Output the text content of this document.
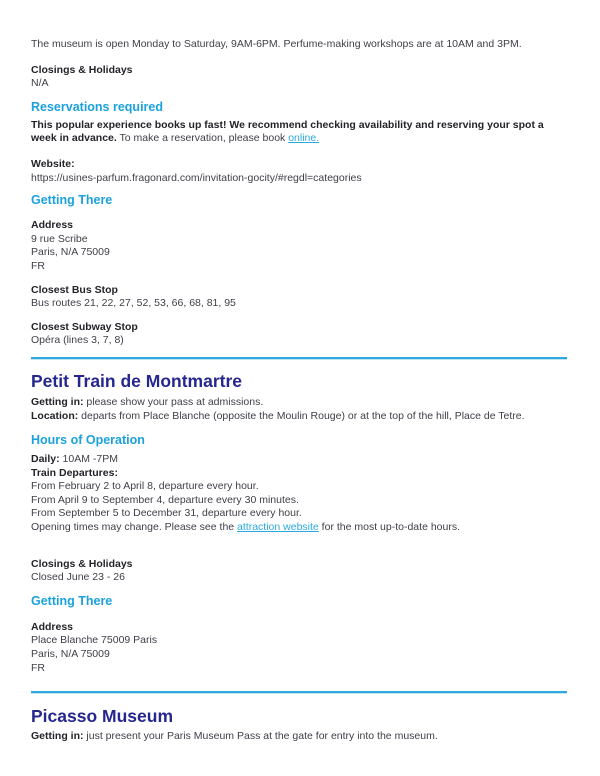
The museum is open Monday to Saturday, 9AM-6PM. Perfume-making workshops are at 10AM and 3PM.

Closings & Holidays

N/A

Reservations required

This popular experience books up fast! We recommend checking availability and reserving your spot a week in advance. To make a reservation, please book online.

Website:

https://usines-parfum.fragonard.com/invitation-gocity/#regdl=categories

Getting There

Address

9 rue Scribe

Paris, N/A 75009

FR

Closest Bus Stop

Bus routes 21, 22, 27, 52, 53, 66, 68, 81, 95

Closest Subway Stop

Opéra (lines 3, 7, 8)

Petit Train de Montmartre

Getting in: please show your pass at admissions.

Location: departs from Place Blanche (opposite the Moulin Rouge) or at the top of the hill, Place de Tetre.

Hours of Operation

Daily: 10AM -7PM

Train Departures:

From February 2 to April 8, departure every hour.

From April 9 to September 4, departure every 30 minutes.

From September 5 to December 31, departure every hour.

Opening times may change. Please see the attraction website for the most up-to-date hours.

Closings & Holidays

Closed June 23 - 26

Getting There

Address

Place Blanche 75009 Paris

Paris, N/A 75009

FR

Picasso Museum

Getting in: just present your Paris Museum Pass at the gate for entry into the museum.
